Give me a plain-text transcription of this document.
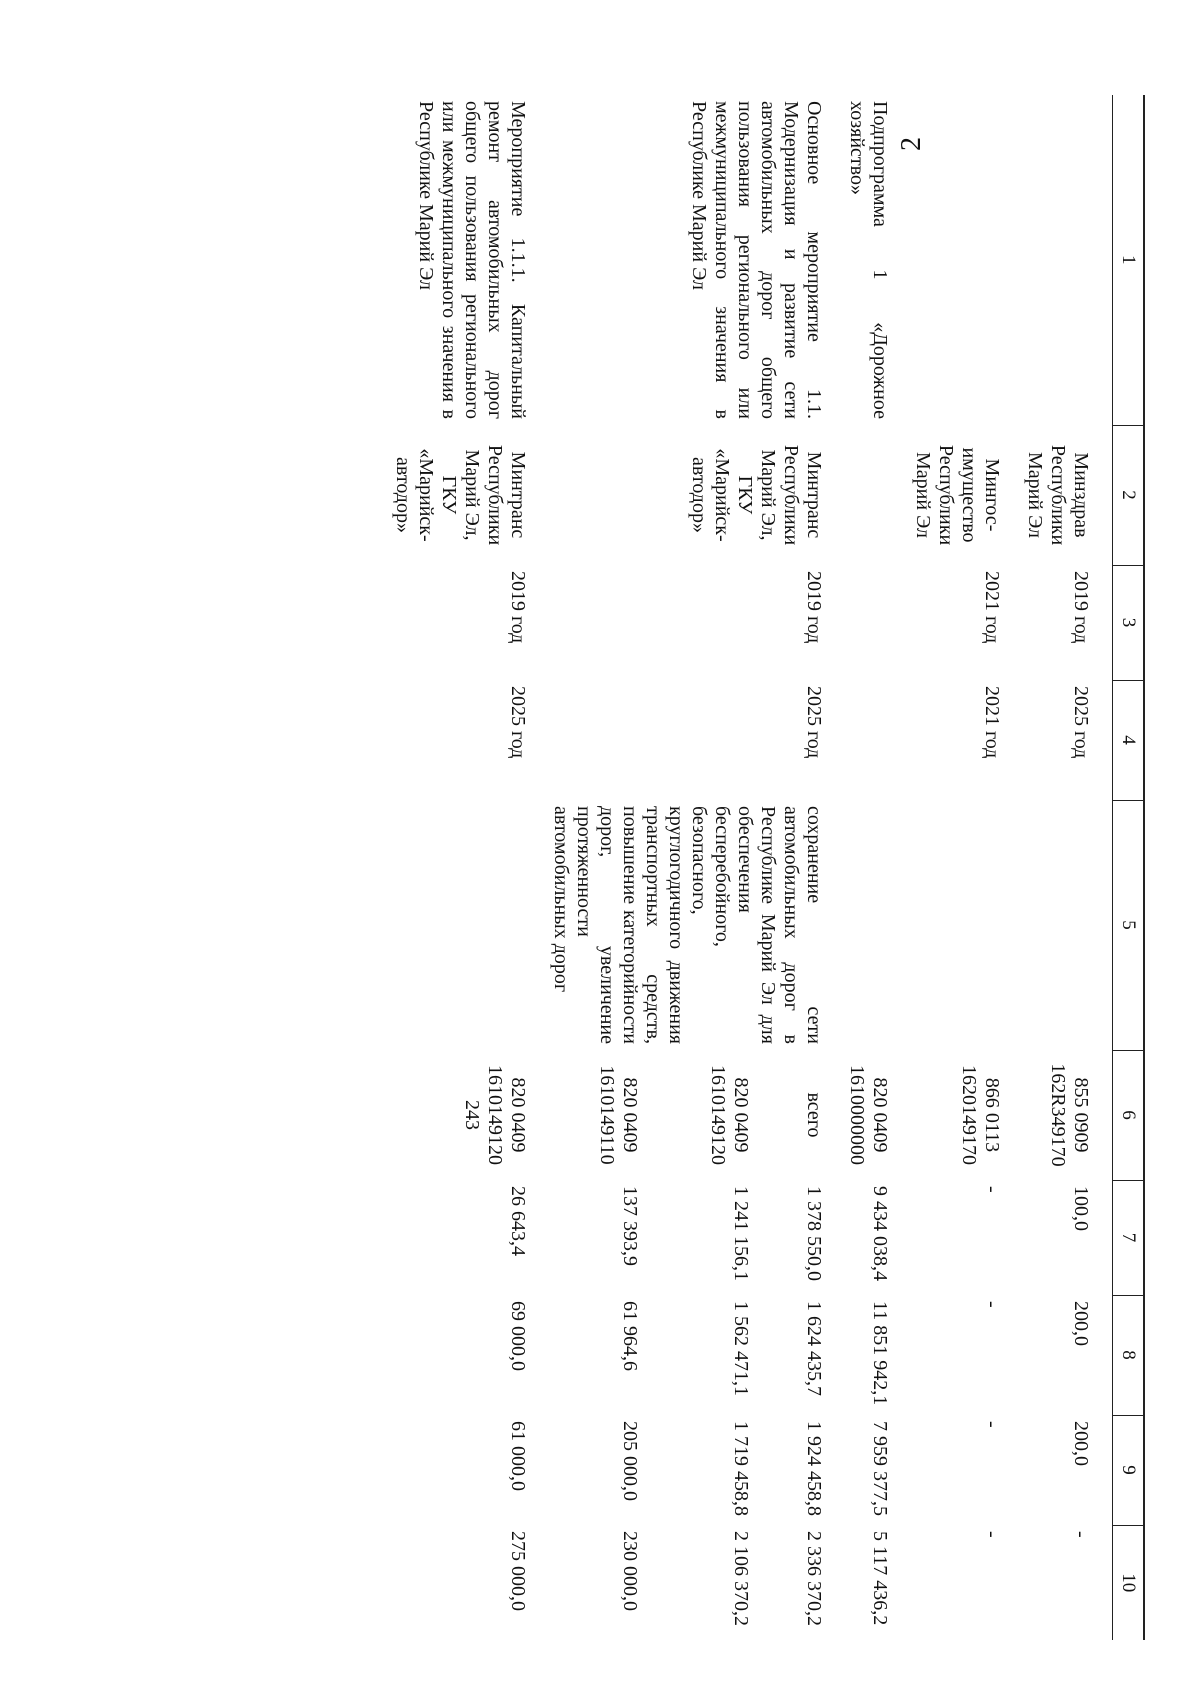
2
1	2	3	4	5	6	7	8	9	10
	Минздрав Республики Марий Эл	2019 год	2025 год		855 0909 162R349170	100,0	200,0	200,0	-
	Мингос-имущество Республики Марий Эл	2021 год	2021 год		866 0113 1620149170	-	-	-	-
Подпрограмма 1 «Дорожное хозяйство»					820 0409 1610000000	9 434 038,4	11 851 942,1	7 959 377,5	5 117 436,2
Основное мероприятие 1.1. Модернизация и развитие сети автомобильных дорог общего пользования регионального или межмуниципального значения в Республике Марий Эл	Минтранс Республики Марий Эл, ГКУ «Марийск-автодор»	2019 год	2025 год	сохранение сети автомобильных дорог в Республике Марий Эл для обеспечения бесперебойного, безопасного, круглогодичного движения транспортных средств, повышение категорийности дорог, увеличение протяженности автомобильных дорог	всего	1 378 550,0	1 624 435,7	1 924 458,8	2 336 370,2
					820 0409 1610149120	1 241 156,1	1 562 471,1	1 719 458,8	2 106 370,2
					820 0409 1610149110	137 393,9	61 964,6	205 000,0	230 000,0
Мероприятие 1.1.1. Капитальный ремонт автомобильных дорог общего пользования регионального или межмуниципального значения в Республике Марий Эл	Минтранс Республики Марий Эл, ГКУ «Марийск-автодор»	2019 год	2025 год		820 0409 1610149120 243	26 643,4	69 000,0	61 000,0	275 000,0
